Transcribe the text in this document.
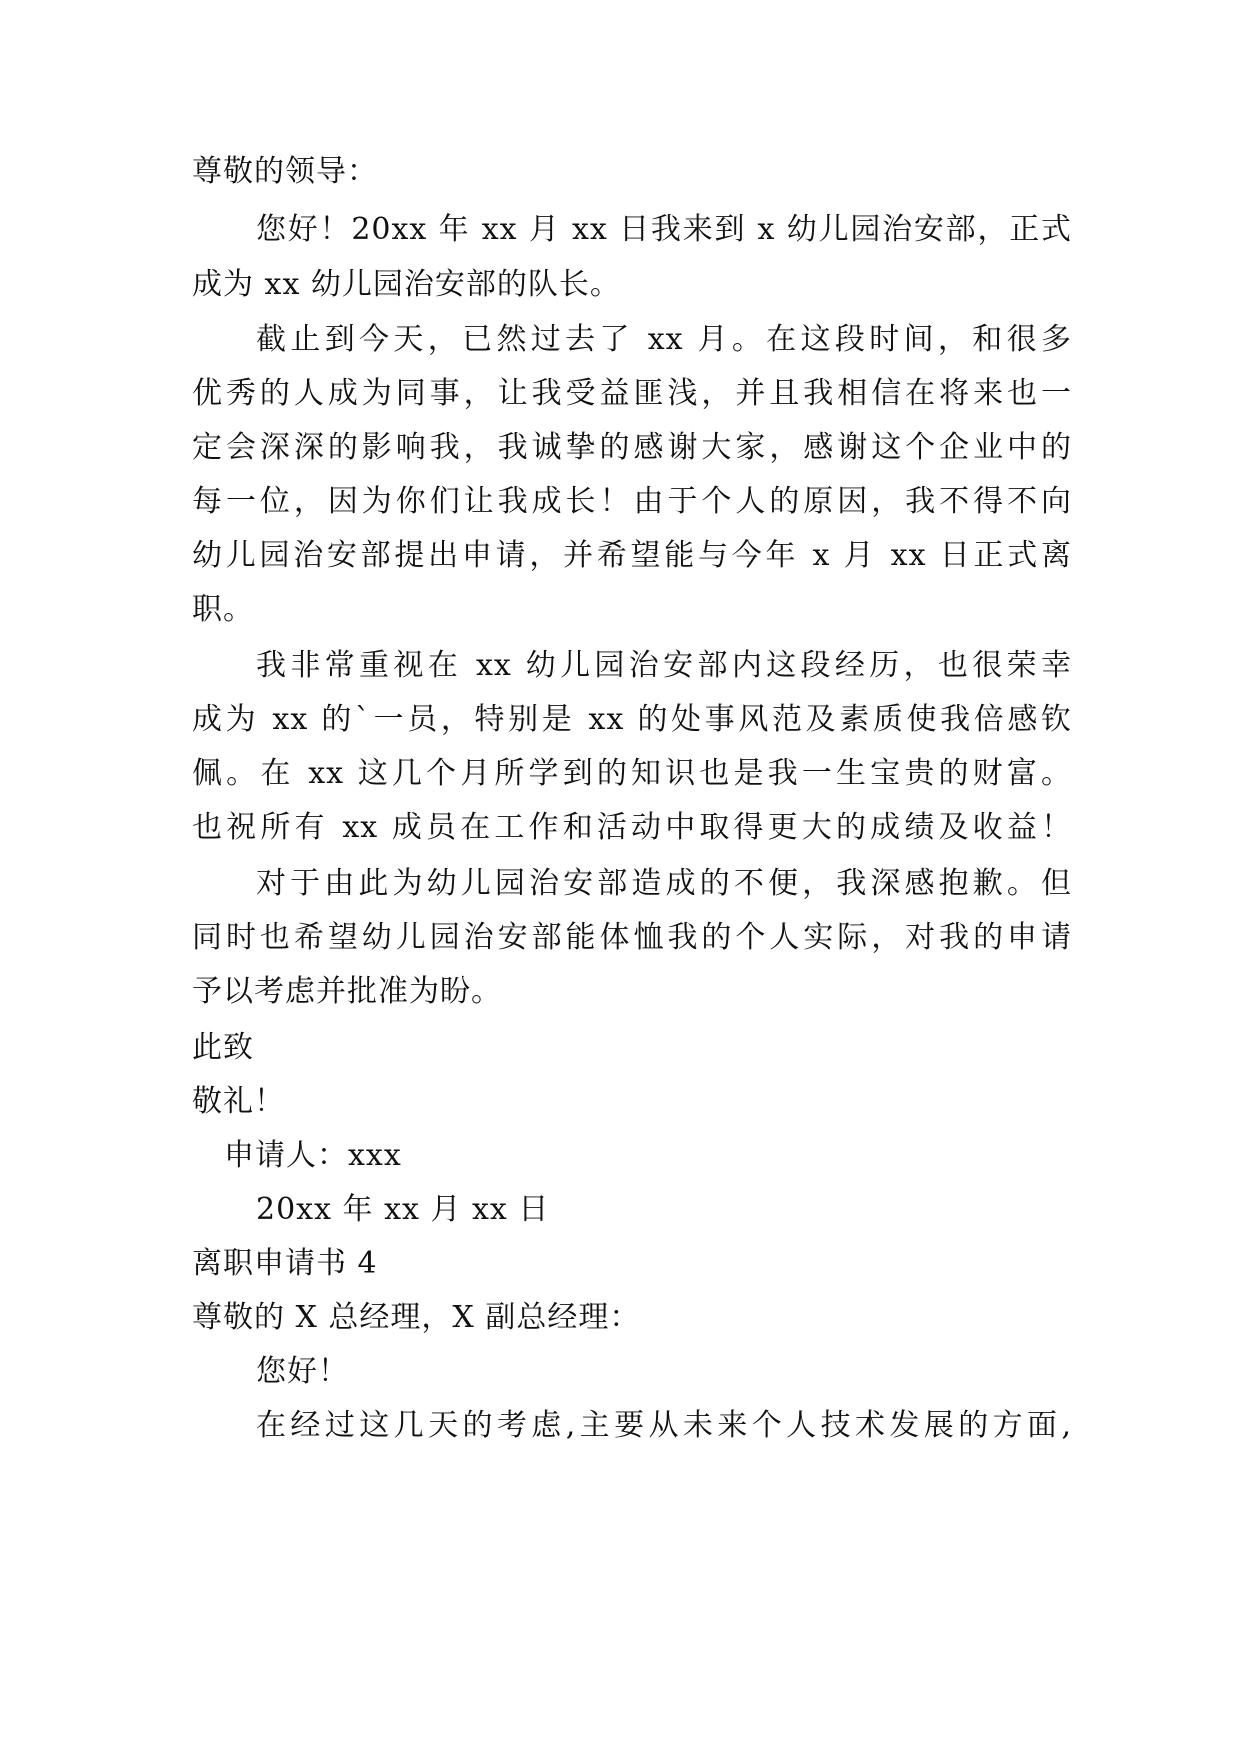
尊敬的领导：
您好！20xx 年 xx 月 xx 日我来到 x 幼儿园治安部，正式
成为 xx 幼儿园治安部的队长。
截止到今天，已然过去了 xx 月。在这段时间，和很多
优秀的人成为同事，让我受益匪浅，并且我相信在将来也一
定会深深的影响我，我诚挚的感谢大家，感谢这个企业中的
每一位，因为你们让我成长！由于个人的原因，我不得不向
幼儿园治安部提出申请，并希望能与今年 x 月 xx 日正式离
职。
我非常重视在 xx 幼儿园治安部内这段经历，也很荣幸
成为 xx 的`一员，特别是 xx 的处事风范及素质使我倍感钦
佩。在 xx 这几个月所学到的知识也是我一生宝贵的财富。
也祝所有 xx 成员在工作和活动中取得更大的成绩及收益！
对于由此为幼儿园治安部造成的不便，我深感抱歉。但
同时也希望幼儿园治安部能体恤我的个人实际，对我的申请
予以考虑并批准为盼。
此致
敬礼！
申请人：xxx
20xx 年 xx 月 xx 日
离职申请书 4
尊敬的 X 总经理，X 副总经理：
您好！
在经过这几天的考虑,主要从未来个人技术发展的方面,
